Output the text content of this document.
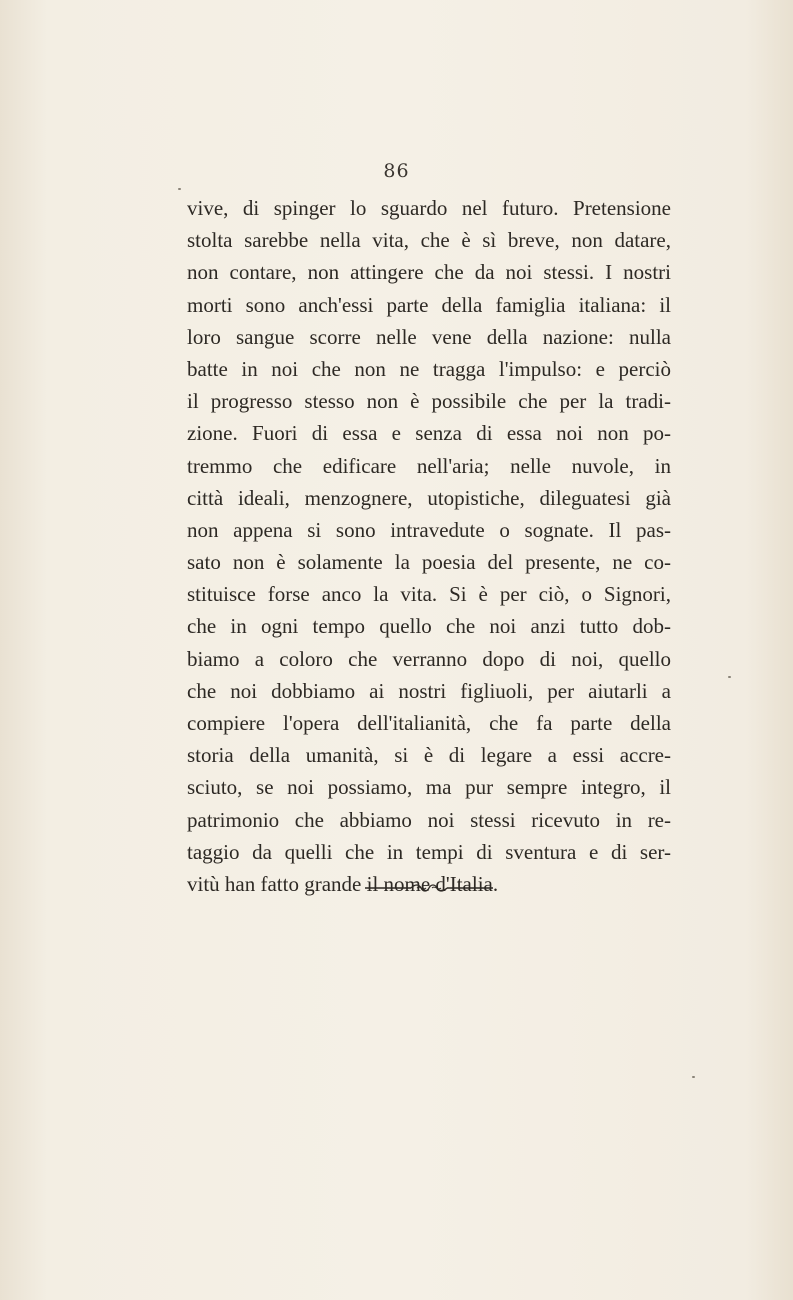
86
vive, di spinger lo sguardo nel futuro. Pretensione
stolta sarebbe nella vita, che è sì breve, non datare,
non contare, non attingere che da noi stessi. I nostri
morti sono anch'essi parte della famiglia italiana: il
loro sangue scorre nelle vene della nazione: nulla
batte in noi che non ne tragga l'impulso: e perciò
il progresso stesso non è possibile che per la tradi-
zione. Fuori di essa e senza di essa noi non po-
tremmo che edificare nell'aria; nelle nuvole, in
città ideali, menzognere, utopistiche, dileguatesi già
non appena si sono intravedute o sognate. Il pas-
sato non è solamente la poesia del presente, ne co-
stituisce forse anco la vita. Si è per ciò, o Signori,
che in ogni tempo quello che noi anzi tutto dob-
biamo a coloro che verranno dopo di noi, quello
che noi dobbiamo ai nostri figliuoli, per aiutarli a
compiere l'opera dell'italianità, che fa parte della
storia della umanità, si è di legare a essi accre-
sciuto, se noi possiamo, ma pur sempre integro, il
patrimonio che abbiamo noi stessi ricevuto in re-
taggio da quelli che in tempi di sventura e di ser-
vitù han fatto grande il nome d'Italia.
